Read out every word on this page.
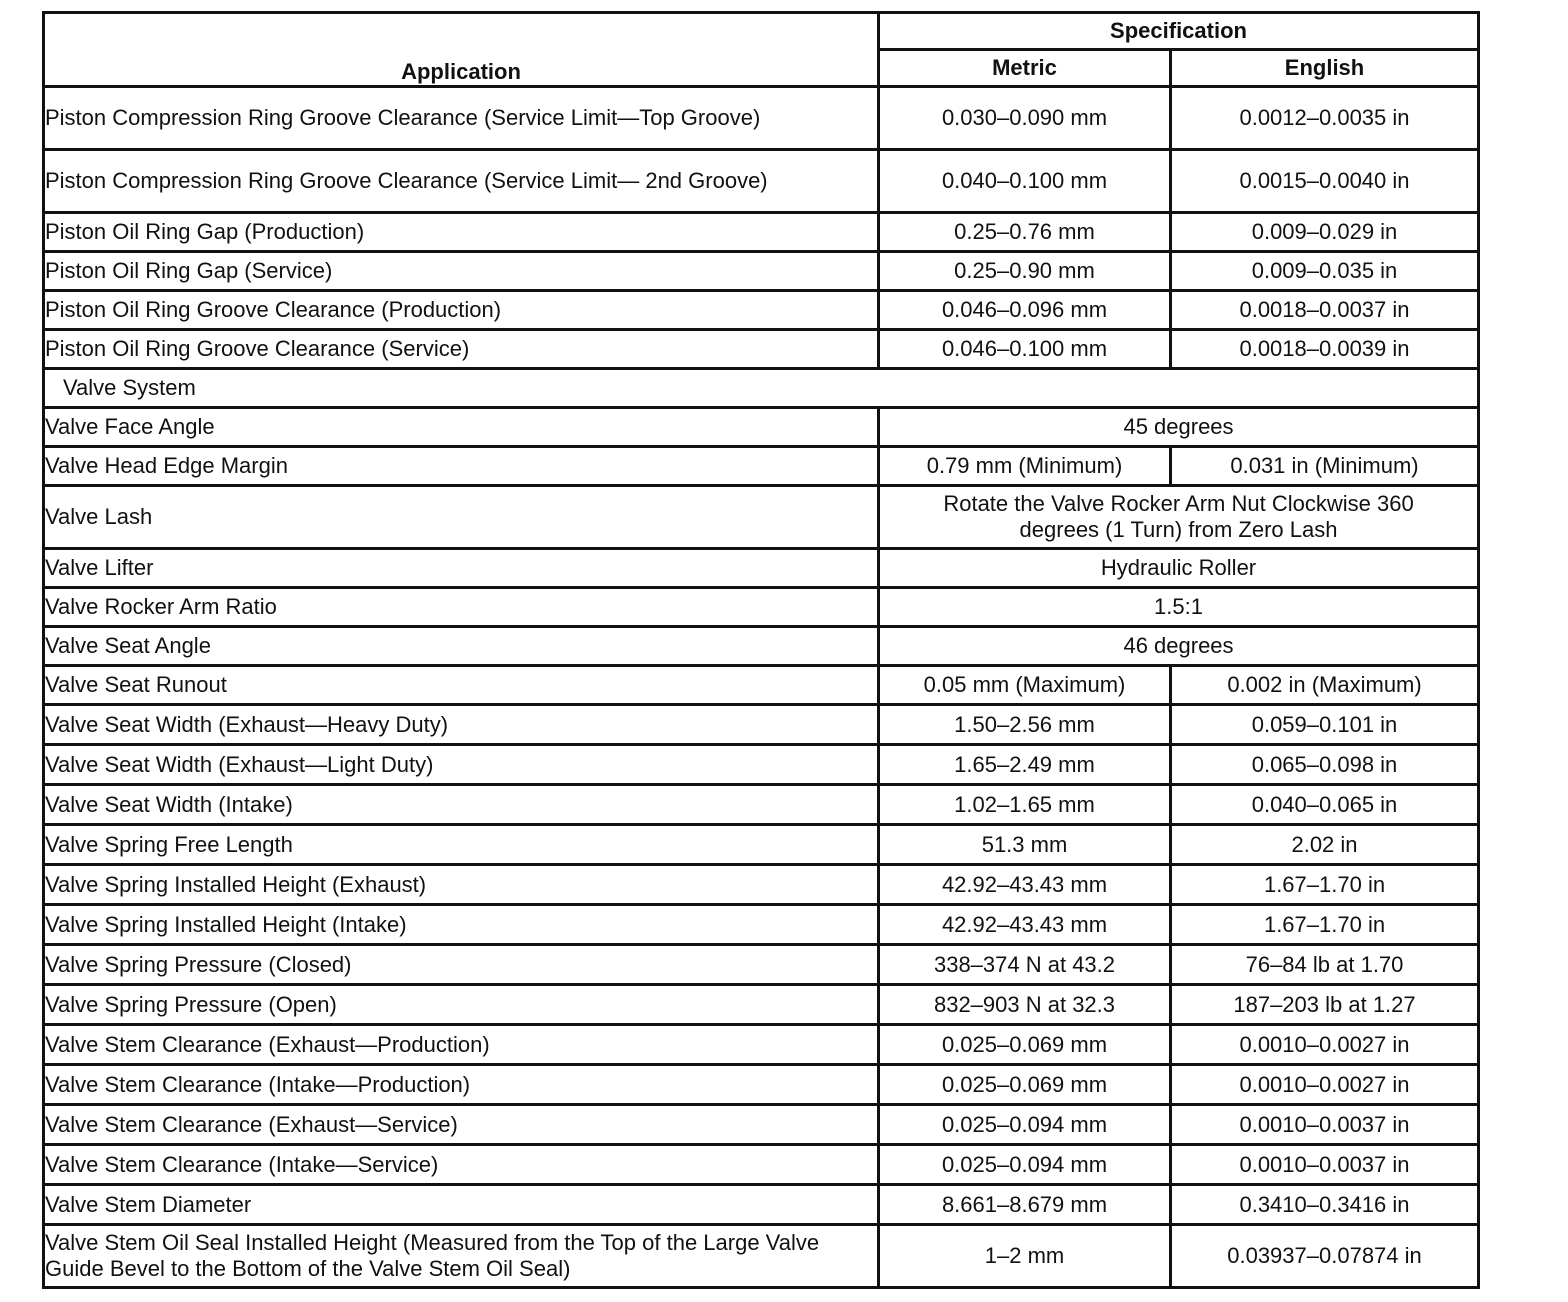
Application	Specification	
	Metric	English
Piston Compression Ring Groove Clearance (Service Limit—Top Groove)	0.030–0.090 mm	0.0012–0.0035 in
Piston Compression Ring Groove Clearance (Service Limit— 2nd Groove)	0.040–0.100 mm	0.0015–0.0040 in
Piston Oil Ring Gap (Production)	0.25–0.76 mm	0.009–0.029 in
Piston Oil Ring Gap (Service)	0.25–0.90 mm	0.009–0.035 in
Piston Oil Ring Groove Clearance (Production)	0.046–0.096 mm	0.0018–0.0037 in
Piston Oil Ring Groove Clearance (Service)	0.046–0.100 mm	0.0018–0.0039 in
Valve System		
Valve Face Angle	45 degrees	
Valve Head Edge Margin	0.79 mm (Minimum)	0.031 in (Minimum)
Valve Lash	Rotate the Valve Rocker Arm Nut Clockwise 360 degrees (1 Turn) from Zero Lash	
Valve Lifter	Hydraulic Roller	
Valve Rocker Arm Ratio	1.5:1	
Valve Seat Angle	46 degrees	
Valve Seat Runout	0.05 mm (Maximum)	0.002 in (Maximum)
Valve Seat Width (Exhaust—Heavy Duty)	1.50–2.56 mm	0.059–0.101 in
Valve Seat Width (Exhaust—Light Duty)	1.65–2.49 mm	0.065–0.098 in
Valve Seat Width (Intake)	1.02–1.65 mm	0.040–0.065 in
Valve Spring Free Length	51.3 mm	2.02 in
Valve Spring Installed Height (Exhaust)	42.92–43.43 mm	1.67–1.70 in
Valve Spring Installed Height (Intake)	42.92–43.43 mm	1.67–1.70 in
Valve Spring Pressure (Closed)	338–374 N at 43.2	76–84 lb at 1.70
Valve Spring Pressure (Open)	832–903 N at 32.3	187–203 lb at 1.27
Valve Stem Clearance (Exhaust—Production)	0.025–0.069 mm	0.0010–0.0027 in
Valve Stem Clearance (Intake—Production)	0.025–0.069 mm	0.0010–0.0027 in
Valve Stem Clearance (Exhaust—Service)	0.025–0.094 mm	0.0010–0.0037 in
Valve Stem Clearance (Intake—Service)	0.025–0.094 mm	0.0010–0.0037 in
Valve Stem Diameter	8.661–8.679 mm	0.3410–0.3416 in
Valve Stem Oil Seal Installed Height (Measured from the Top of the Large Valve Guide Bevel to the Bottom of the Valve Stem Oil Seal)	1–2 mm	0.03937–0.07874 in
